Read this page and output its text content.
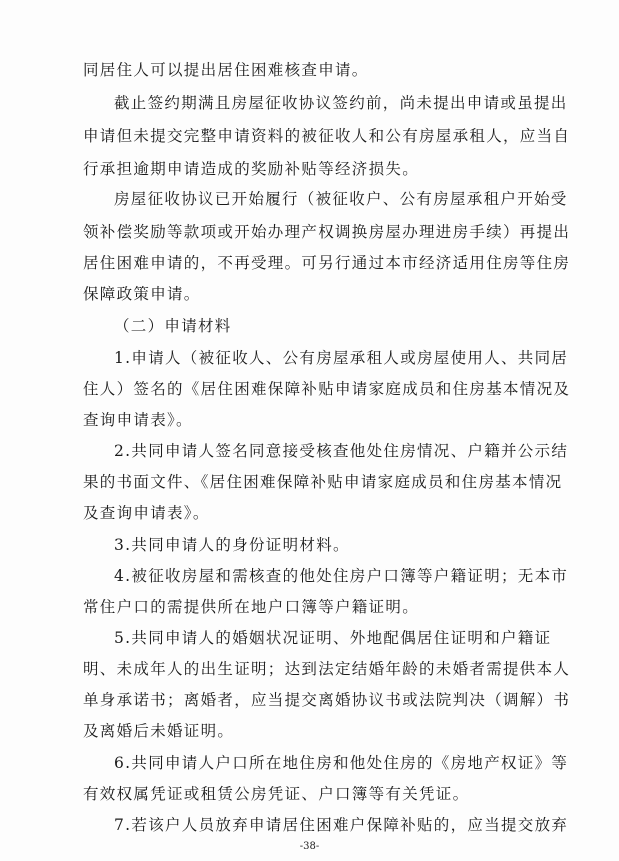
同居住人可以提出居住困难核查申请。
截止签约期满且房屋征收协议签约前，尚未提出申请或虽提出
申请但未提交完整申请资料的被征收人和公有房屋承租人，应当自
行承担逾期申请造成的奖励补贴等经济损失。
房屋征收协议已开始履行（被征收户、公有房屋承租户开始受
领补偿奖励等款项或开始办理产权调换房屋办理进房手续）再提出
居住困难申请的，不再受理。可另行通过本市经济适用住房等住房
保障政策申请。
（二）申请材料
1.申请人（被征收人、公有房屋承租人或房屋使用人、共同居
住人）签名的《居住困难保障补贴申请家庭成员和住房基本情况及
查询申请表》。
2.共同申请人签名同意接受核查他处住房情况、户籍并公示结
果的书面文件、《居住困难保障补贴申请家庭成员和住房基本情况
及查询申请表》。
3.共同申请人的身份证明材料。
4.被征收房屋和需核查的他处住房户口簿等户籍证明；无本市
常住户口的需提供所在地户口簿等户籍证明。
5.共同申请人的婚姻状况证明、外地配偶居住证明和户籍证
明、未成年人的出生证明；达到法定结婚年龄的未婚者需提供本人
单身承诺书；离婚者，应当提交离婚协议书或法院判决（调解）书
及离婚后未婚证明。
6.共同申请人户口所在地住房和他处住房的《房地产权证》等
有效权属凭证或租赁公房凭证、户口簿等有关凭证。
7.若该户人员放弃申请居住困难户保障补贴的，应当提交放弃
-38-
